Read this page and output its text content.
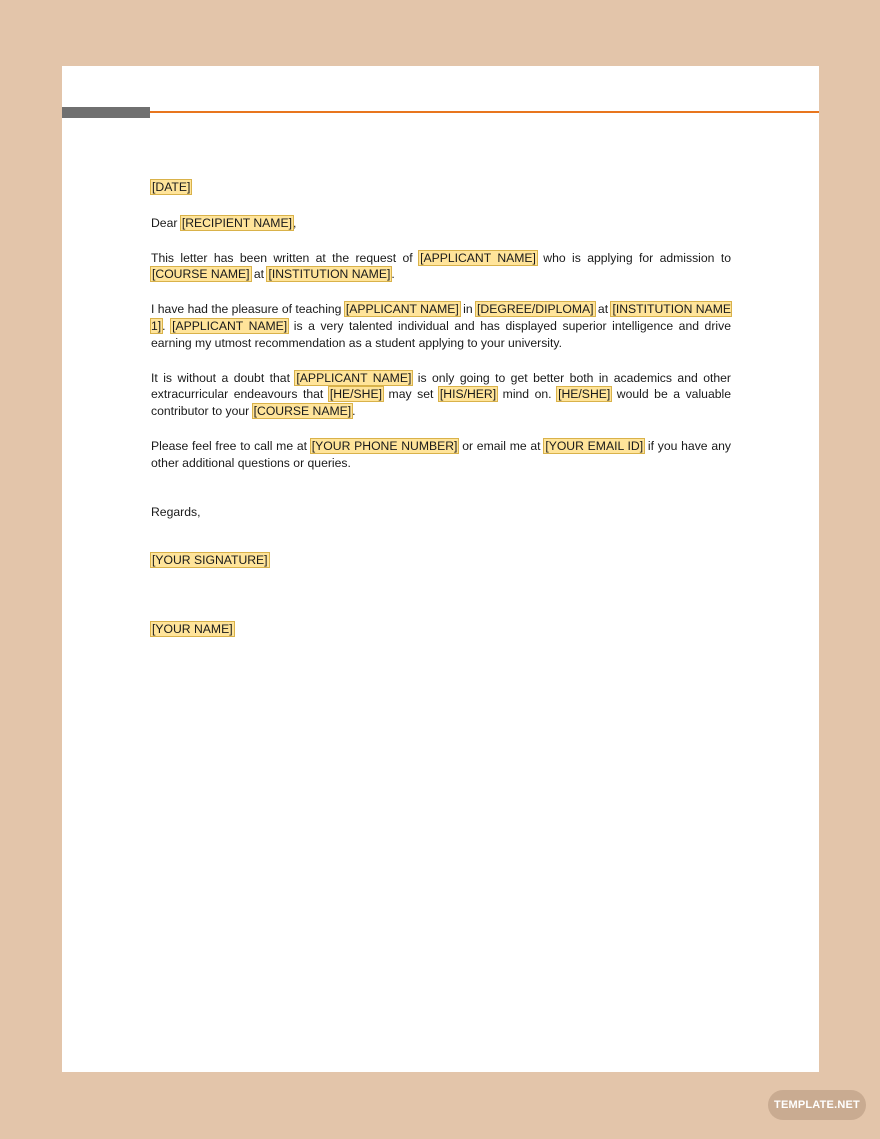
[DATE]

Dear [RECIPIENT NAME],

This letter has been written at the request of [APPLICANT NAME] who is applying for admission to [COURSE NAME] at [INSTITUTION NAME].

I have had the pleasure of teaching [APPLICANT NAME] in [DEGREE/DIPLOMA] at [INSTITUTION NAME 1]. [APPLICANT NAME] is a very talented individual and has displayed superior intelligence and drive earning my utmost recommendation as a student applying to your university.

It is without a doubt that [APPLICANT NAME] is only going to get better both in academics and other extracurricular endeavours that [HE/SHE] may set [HIS/HER] mind on. [HE/SHE] would be a valuable contributor to your [COURSE NAME].

Please feel free to call me at [YOUR PHONE NUMBER] or email me at [YOUR EMAIL ID] if you have any other additional questions or queries.

Regards,

[YOUR SIGNATURE]

[YOUR NAME]

TEMPLATE.NET
